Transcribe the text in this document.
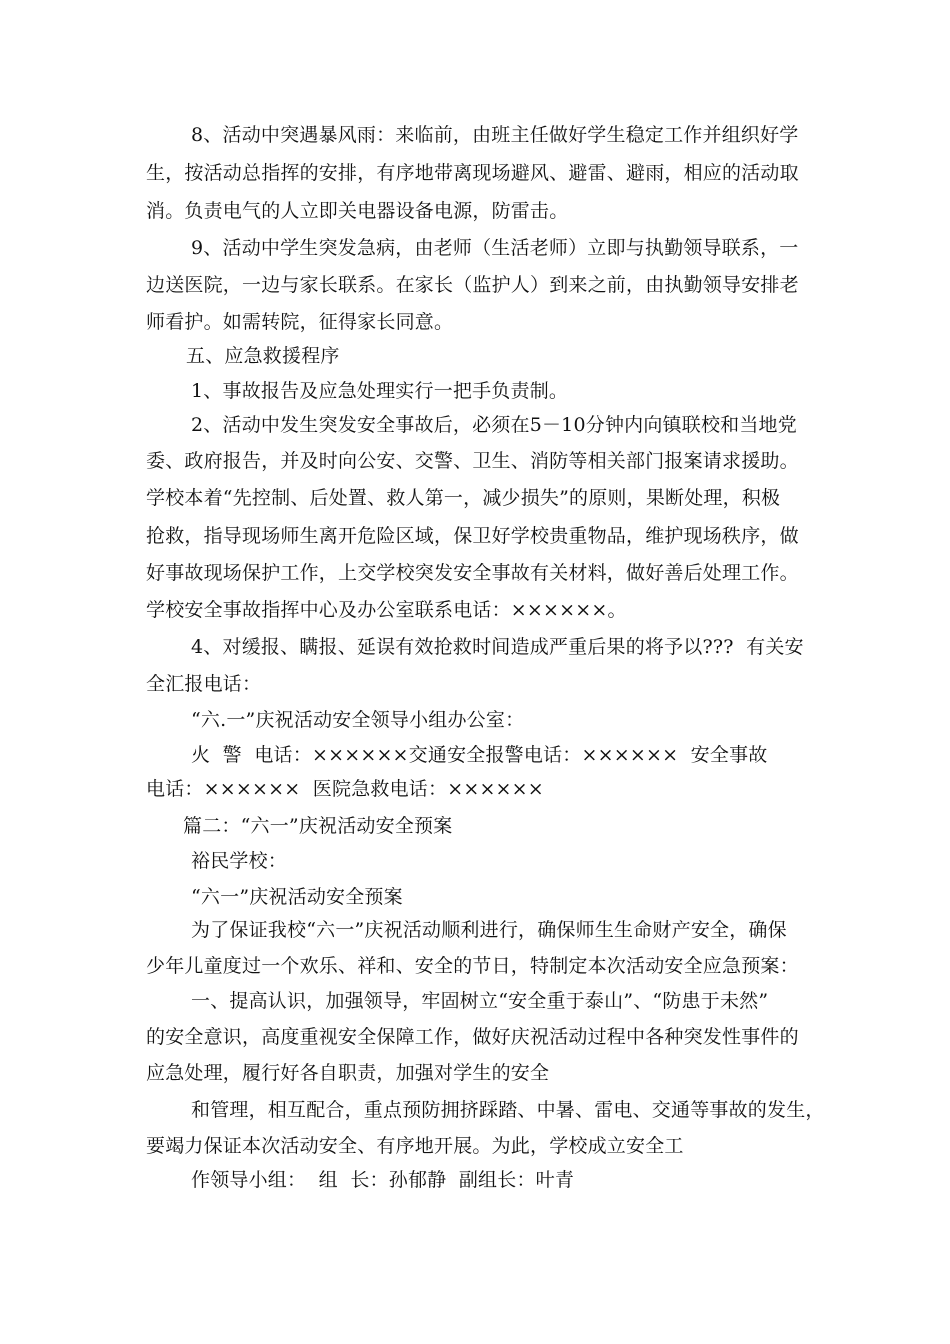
8、活动中突遇暴风雨：来临前，由班主任做好学生稳定工作并组织好学
生，按活动总指挥的安排，有序地带离现场避风、避雷、避雨，相应的活动取
消。负责电气的人立即关电器设备电源，防雷击。
9、活动中学生突发急病，由老师（生活老师）立即与执勤领导联系，一
边送医院，一边与家长联系。在家长（监护人）到来之前，由执勤领导安排老
师看护。如需转院，征得家长同意。
五、应急救援程序
1、事故报告及应急处理实行一把手负责制。
2、活动中发生突发安全事故后，必须在5－10分钟内向镇联校和当地党
委、政府报告，并及时向公安、交警、卫生、消防等相关部门报案请求援助。
学校本着“先控制、后处置、救人第一，减少损失”的原则，果断处理，积极
抢救，指导现场师生离开危险区域，保卫好学校贵重物品，维护现场秩序，做
好事故现场保护工作，上交学校突发安全事故有关材料，做好善后处理工作。
学校安全事故指挥中心及办公室联系电话：××××××。
4、对缓报、瞒报、延误有效抢救时间造成严重后果的将予以???  有关安
全汇报电话：
“六.一”庆祝活动安全领导小组办公室：
火  警  电话：××××××交通安全报警电话：××××××  安全事故
电话：××××××  医院急救电话：××××××
篇二：“六一”庆祝活动安全预案
裕民学校：
“六一”庆祝活动安全预案
为了保证我校“六一”庆祝活动顺利进行，确保师生生命财产安全，确保
少年儿童度过一个欢乐、祥和、安全的节日，特制定本次活动安全应急预案：
一、提高认识，加强领导，牢固树立“安全重于泰山”、“防患于未然”
的安全意识，高度重视安全保障工作，做好庆祝活动过程中各种突发性事件的
应急处理，履行好各自职责，加强对学生的安全
和管理，相互配合，重点预防拥挤踩踏、中暑、雷电、交通等事故的发生，
要竭力保证本次活动安全、有序地开展。为此，学校成立安全工
作领导小组：  组  长：孙郁静  副组长：叶青
